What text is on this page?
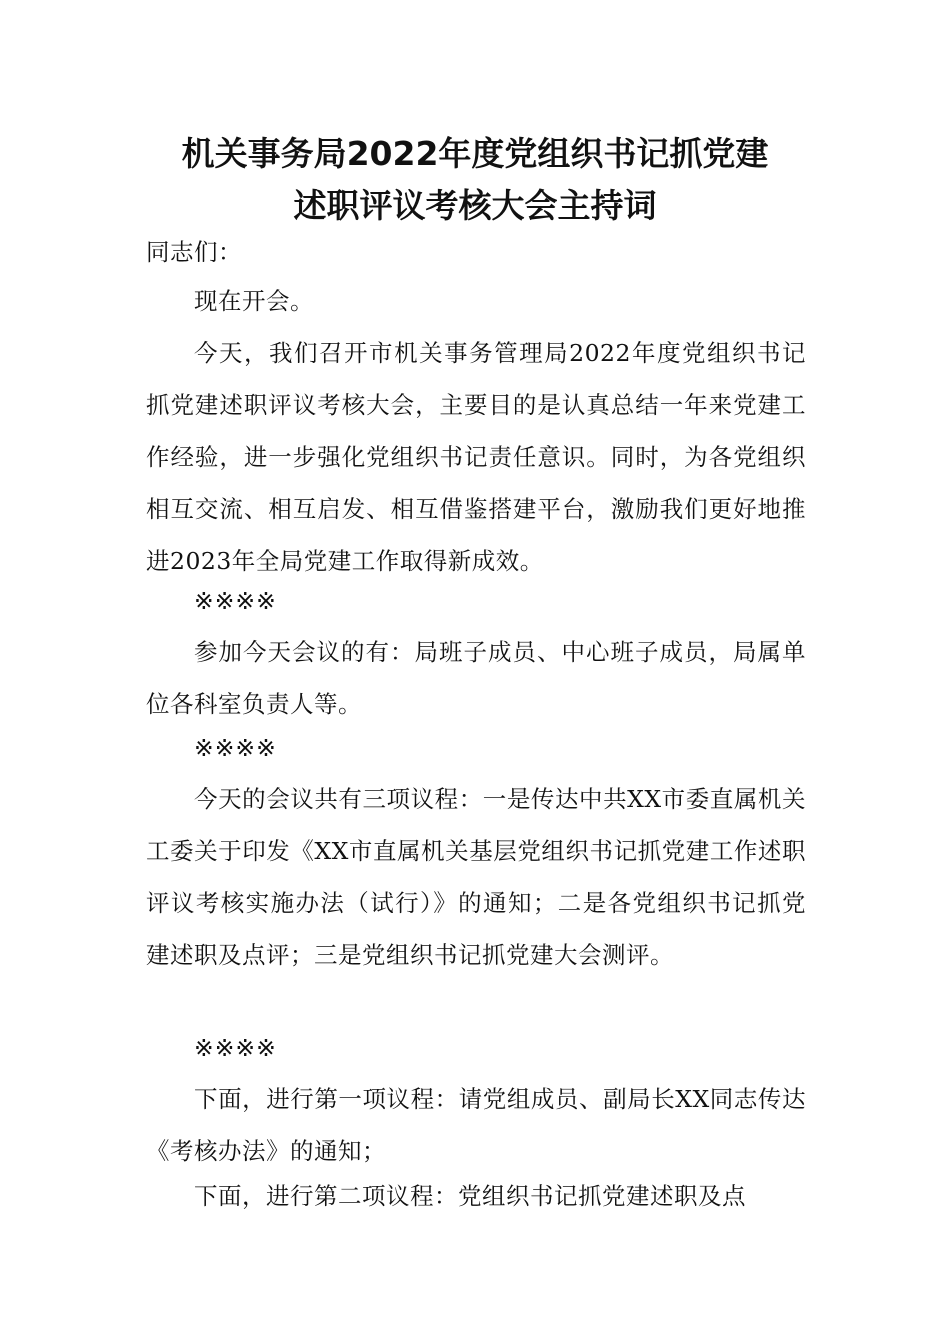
机关事务局2022年度党组织书记抓党建
述职评议考核大会主持词

同志们：

现在开会。

今天，我们召开市机关事务管理局2022年度党组织书记抓党建述职评议考核大会，主要目的是认真总结一年来党建工作经验，进一步强化党组织书记责任意识。同时，为各党组织相互交流、相互启发、相互借鉴搭建平台，激励我们更好地推进2023年全局党建工作取得新成效。

※※※※

参加今天会议的有：局班子成员、中心班子成员，局属单位各科室负责人等。

※※※※

今天的会议共有三项议程：一是传达中共XX市委直属机关工委关于印发《XX市直属机关基层党组织书记抓党建工作述职评议考核实施办法（试行）》的通知；二是各党组织书记抓党建述职及点评；三是党组织书记抓党建大会测评。

※※※※

下面，进行第一项议程：请党组成员、副局长XX同志传达《考核办法》的通知；

下面，进行第二项议程：党组织书记抓党建述职及点
